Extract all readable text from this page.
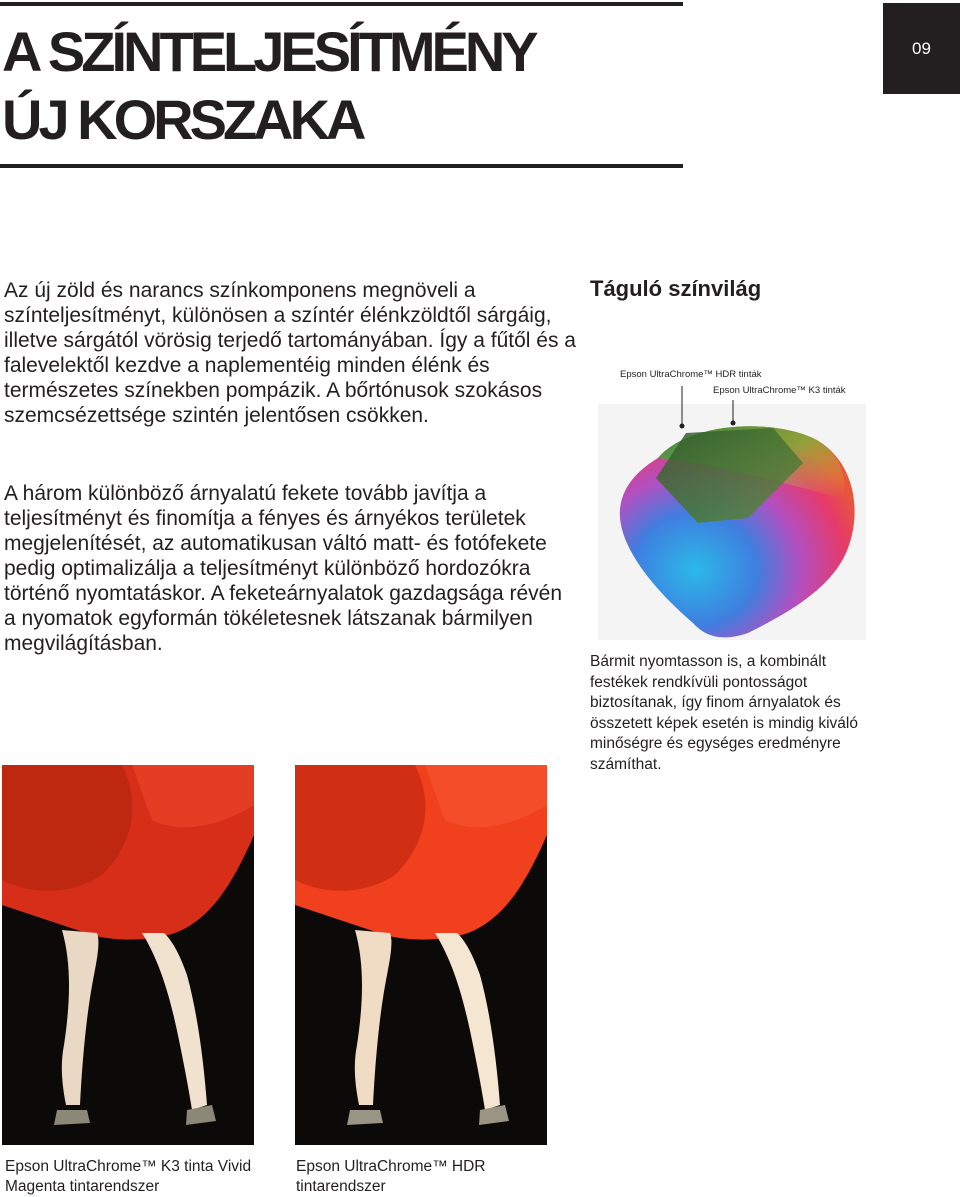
A SZÍNTELJESÍTMÉNY
ÚJ KORSZAKA
09

Az új zöld és narancs színkomponens megnöveli a színteljesítményt, különösen a színtér élénkzöldtől sárgáig, illetve sárgától vörösig terjedő tartományában. Így a fűtől és a falevelektől kezdve a naplementéig minden élénk és természetes színekben pompázik. A bőrtónusok szokásos szemcsézettsége szintén jelentősen csökken.

A három különböző árnyalatú fekete tovább javítja a teljesítményt és finomítja a fényes és árnyékos területek megjelenítését, az automatikusan váltó matt- és fotófekete pedig optimalizálja a teljesítményt különböző hordozókra történő nyomtatáskor. A feketeárnyalatok gazdagsága révén a nyomatok egyformán tökéletesnek látszanak bármilyen megvilágításban.

Táguló színvilág
Epson UltraChrome™ HDR tinták
Epson UltraChrome™ K3 tinták

Bármit nyomtasson is, a kombinált festékek rendkívüli pontosságot biztosítanak, így finom árnyalatok és összetett képek esetén is mindig kiváló minőségre és egységes eredményre számíthat.

Epson UltraChrome™ K3 tinta Vivid Magenta tintarendszer

Epson UltraChrome™ HDR tintarendszer
